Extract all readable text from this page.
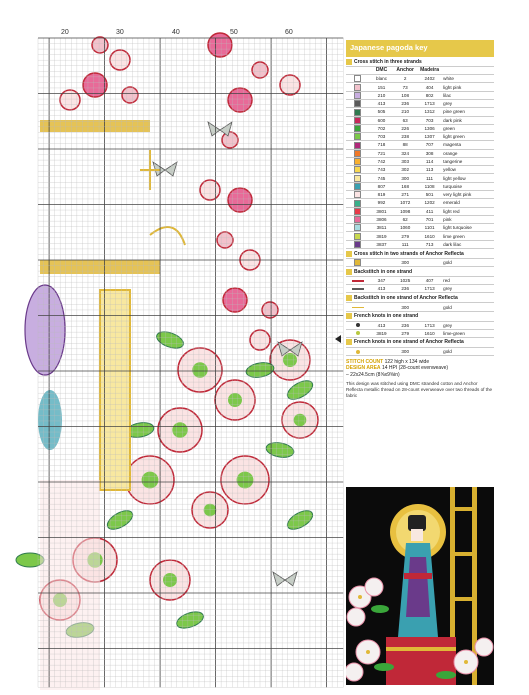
20	30	40	50	60
Japanese pagoda key
Cross stitch in three strands
	DMC	Anchor	Madeira	
	blanc	2	2402	white
	151	73	404	light pink
	210	108	802	lilac
	413	236	1713	grey
	505	210	1312	pine green
	600	63	703	dark pink
	702	226	1306	green
	703	238	1307	light green
	718	88	707	magenta
	721	324	308	orange
	742	303	114	tangerine
	743	302	113	yellow
	745	300	111	light yellow
	807	168	1108	turquoise
	819	271	501	very light pink
	992	1072	1202	emerald
	3801	1098	411	light red
	3806	62	701	pink
	3811	1060	1101	light turquoise
	3819	279	1610	lime green
	3837	111	713	dark lilac
Cross stitch in two strands of Anchor Reflecta
		300		gold
Backstitch in one strand
	347	1025	407	red
	413	236	1713	grey
Backstitch in one strand of Anchor Reflecta
		300		gold
French knots in one strand
	413	236	1713	grey
	3819	279	1610	lime-green
French knots in one strand of Anchor Reflecta
		300		gold
STITCH COUNT 122 high x 134 wide
DESIGN AREA 14 HPI (28-count evenweave)
– 22x24.5cm (8⅝x9⅝in)
This design was stitched using DMC stranded cotton and Anchor Reflecta metallic thread on 28-count evenweave over two threads of the fabric
